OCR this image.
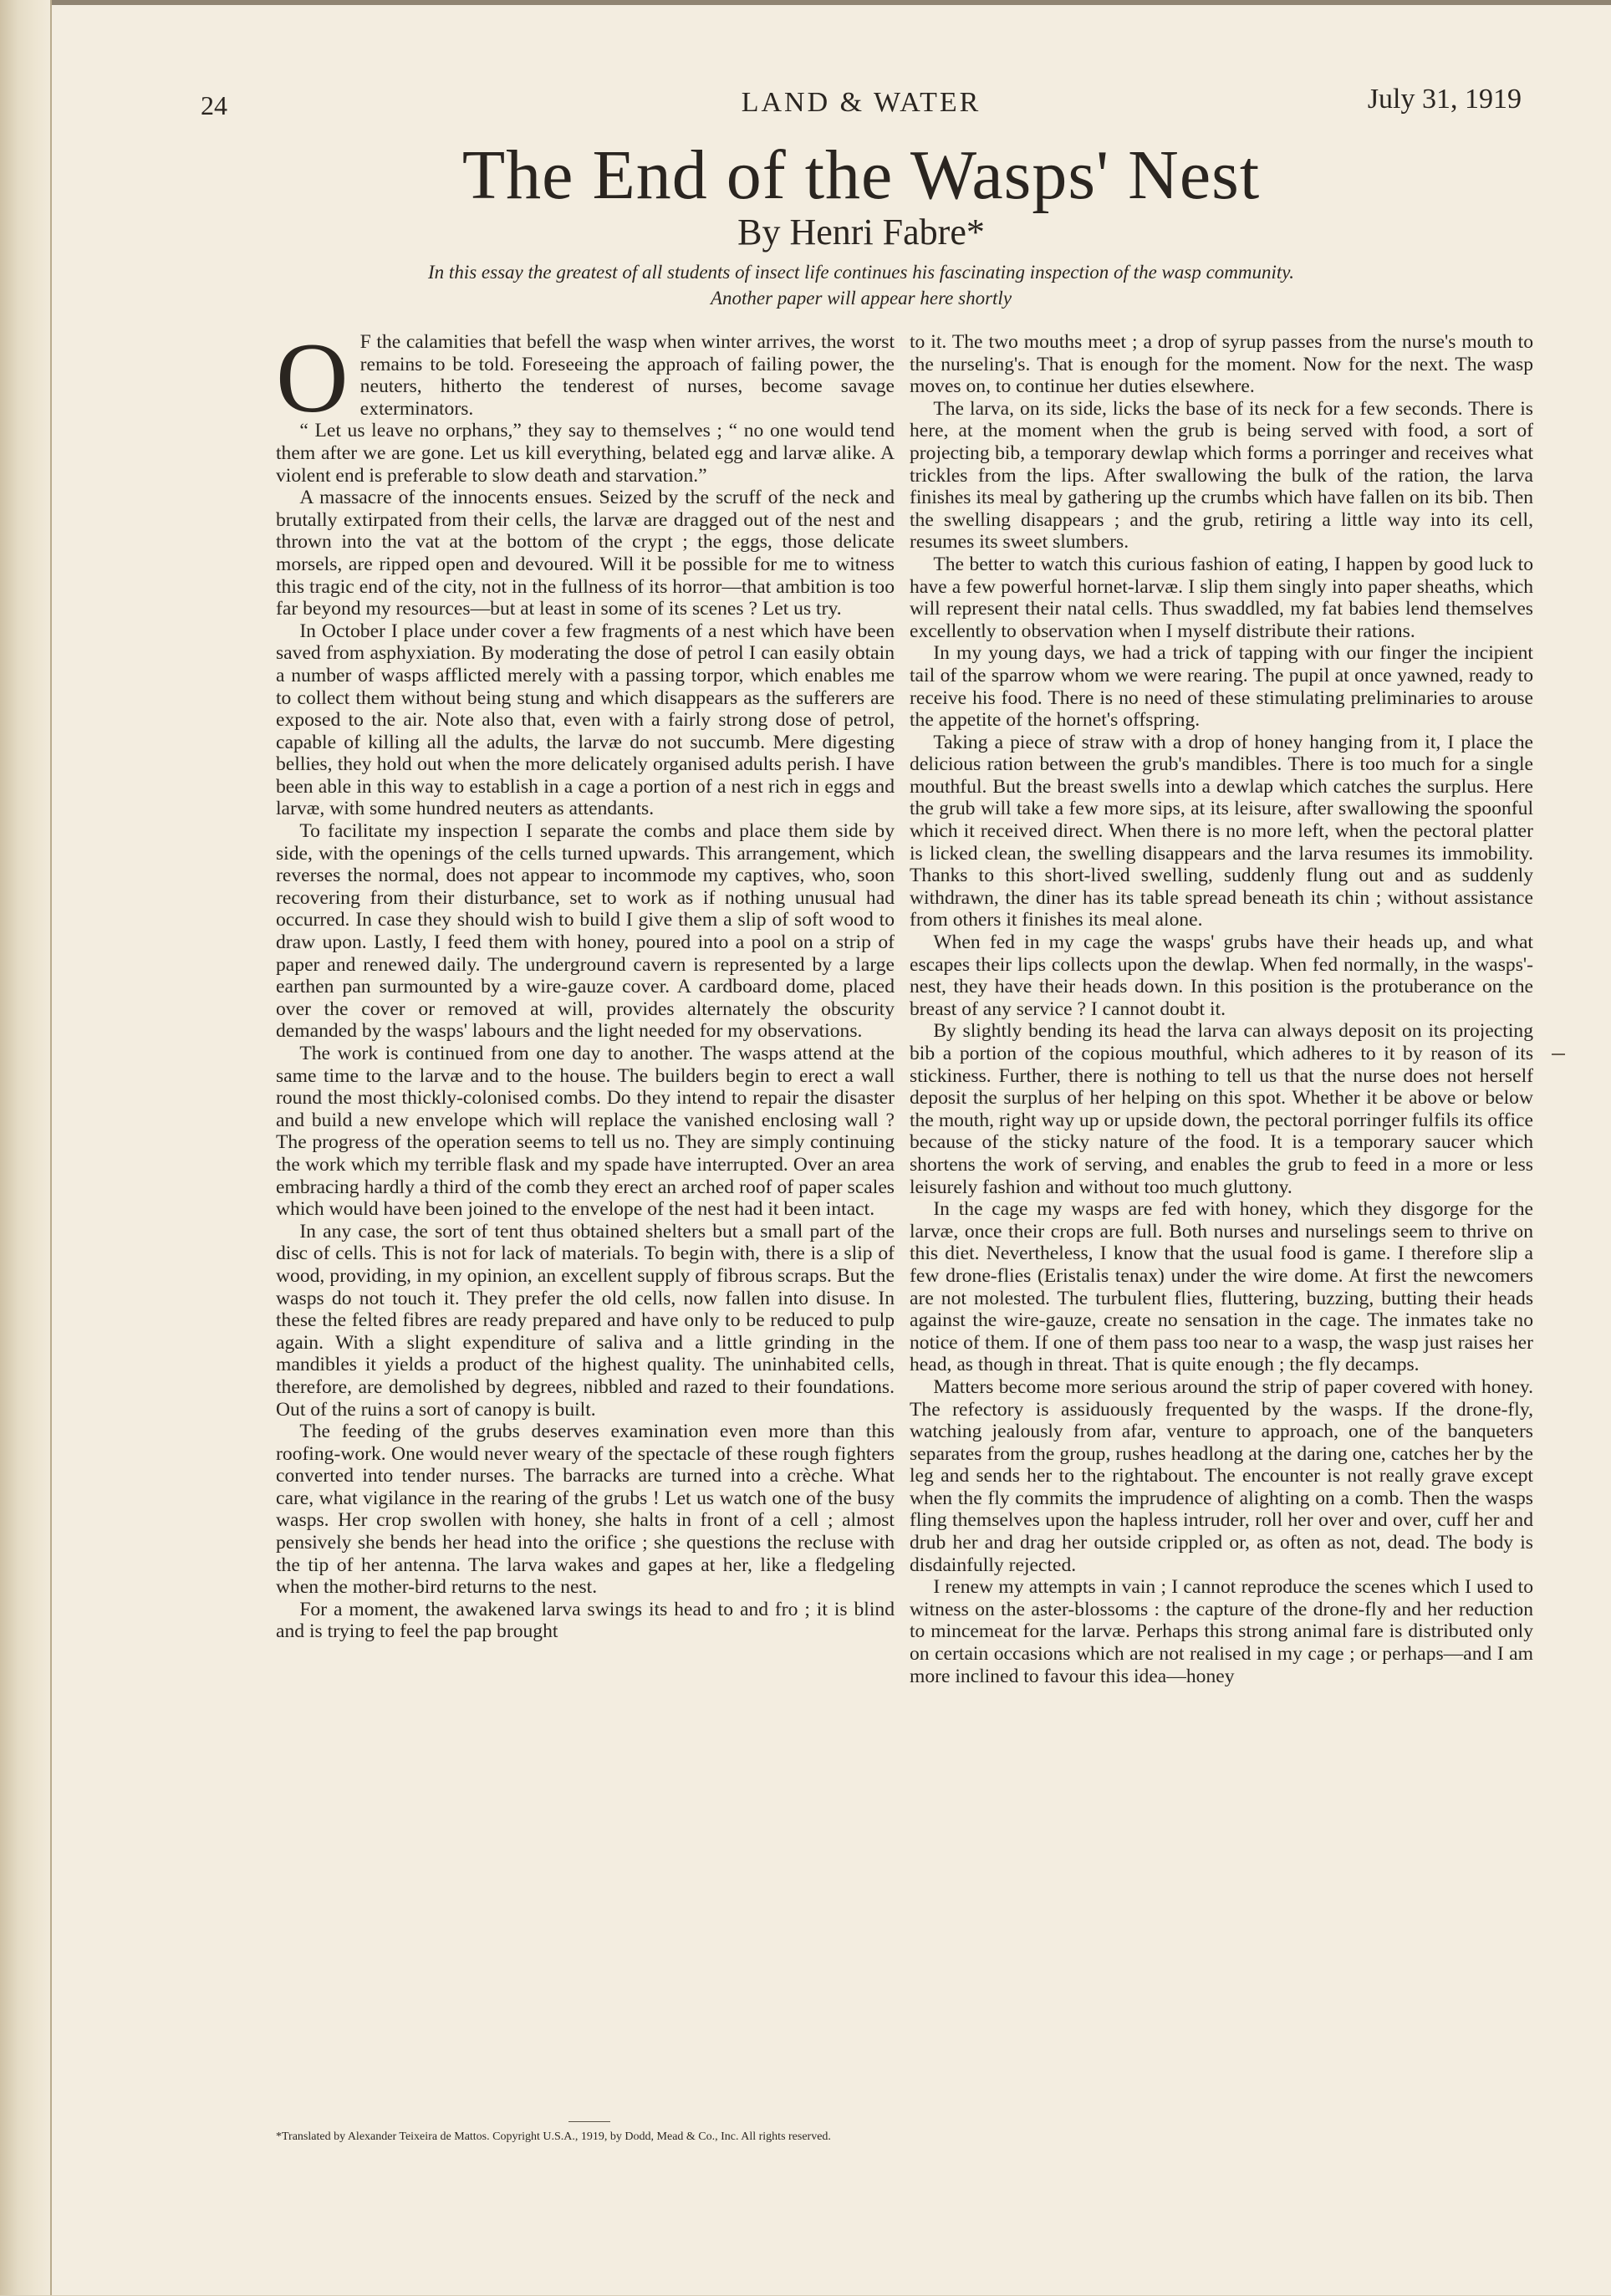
24	LAND & WATER	July 31, 1919
The End of the Wasps' Nest
By Henri Fabre*
In this essay the greatest of all students of insect life continues his fascinating inspection of the wasp community. Another paper will appear here shortly

O F the calamities that befell the wasp when winter arrives, the worst remains to be told. Foreseeing the approach of failing power, the neuters, hitherto the tenderest of nurses, become savage exterminators.

“ Let us leave no orphans,” they say to themselves ; “ no one would tend them after we are gone. Let us kill everything, belated egg and larvæ alike. A violent end is preferable to slow death and starvation.”

A massacre of the innocents ensues. Seized by the scruff of the neck and brutally extirpated from their cells, the larvæ are dragged out of the nest and thrown into the vat at the bottom of the crypt ; the eggs, those delicate morsels, are ripped open and devoured. Will it be possible for me to witness this tragic end of the city, not in the fullness of its horror—that ambition is too far beyond my resources—but at least in some of its scenes ? Let us try.

In October I place under cover a few fragments of a nest which have been saved from asphyxiation. By moderating the dose of petrol I can easily obtain a number of wasps afflicted merely with a passing torpor, which enables me to collect them without being stung and which disappears as the sufferers are exposed to the air. Note also that, even with a fairly strong dose of petrol, capable of killing all the adults, the larvæ do not succumb. Mere digesting bellies, they hold out when the more delicately organised adults perish. I have been able in this way to establish in a cage a portion of a nest rich in eggs and larvæ, with some hundred neuters as attendants.

To facilitate my inspection I separate the combs and place them side by side, with the openings of the cells turned upwards. This arrangement, which reverses the normal, does not appear to incommode my captives, who, soon recovering from their disturbance, set to work as if nothing unusual had occurred. In case they should wish to build I give them a slip of soft wood to draw upon. Lastly, I feed them with honey, poured into a pool on a strip of paper and renewed daily. The underground cavern is represented by a large earthen pan surmounted by a wire-gauze cover. A cardboard dome, placed over the cover or removed at will, provides alternately the obscurity demanded by the wasps' labours and the light needed for my observations.

The work is continued from one day to another. The wasps attend at the same time to the larvæ and to the house. The builders begin to erect a wall round the most thickly-colonised combs. Do they intend to repair the disaster and build a new envelope which will replace the vanished enclosing wall ? The progress of the operation seems to tell us no. They are simply continuing the work which my terrible flask and my spade have interrupted. Over an area embracing hardly a third of the comb they erect an arched roof of paper scales which would have been joined to the envelope of the nest had it been intact.

In any case, the sort of tent thus obtained shelters but a small part of the disc of cells. This is not for lack of materials. To begin with, there is a slip of wood, providing, in my opinion, an excellent supply of fibrous scraps. But the wasps do not touch it. They prefer the old cells, now fallen into disuse. In these the felted fibres are ready prepared and have only to be reduced to pulp again. With a slight expenditure of saliva and a little grinding in the mandibles it yields a product of the highest quality. The uninhabited cells, therefore, are demolished by degrees, nibbled and razed to their foundations. Out of the ruins a sort of canopy is built.

The feeding of the grubs deserves examination even more than this roofing-work. One would never weary of the spectacle of these rough fighters converted into tender nurses. The barracks are turned into a crèche. What care, what vigilance in the rearing of the grubs ! Let us watch one of the busy wasps. Her crop swollen with honey, she halts in front of a cell ; almost pensively she bends her head into the orifice ; she questions the recluse with the tip of her antenna. The larva wakes and gapes at her, like a fledgeling when the mother-bird returns to the nest.

For a moment, the awakened larva swings its head to and fro ; it is blind and is trying to feel the pap brought

to it. The two mouths meet ; a drop of syrup passes from the nurse's mouth to the nurseling's. That is enough for the moment. Now for the next. The wasp moves on, to continue her duties elsewhere.

The larva, on its side, licks the base of its neck for a few seconds. There is here, at the moment when the grub is being served with food, a sort of projecting bib, a temporary dewlap which forms a porringer and receives what trickles from the lips. After swallowing the bulk of the ration, the larva finishes its meal by gathering up the crumbs which have fallen on its bib. Then the swelling disappears ; and the grub, retiring a little way into its cell, resumes its sweet slumbers.

The better to watch this curious fashion of eating, I happen by good luck to have a few powerful hornet-larvæ. I slip them singly into paper sheaths, which will represent their natal cells. Thus swaddled, my fat babies lend themselves excellently to observation when I myself distribute their rations.

In my young days, we had a trick of tapping with our finger the incipient tail of the sparrow whom we were rearing. The pupil at once yawned, ready to receive his food. There is no need of these stimulating preliminaries to arouse the appetite of the hornet's offspring.

Taking a piece of straw with a drop of honey hanging from it, I place the delicious ration between the grub's mandibles. There is too much for a single mouthful. But the breast swells into a dewlap which catches the surplus. Here the grub will take a few more sips, at its leisure, after swallowing the spoonful which it received direct. When there is no more left, when the pectoral platter is licked clean, the swelling disappears and the larva resumes its immobility. Thanks to this short-lived swelling, suddenly flung out and as suddenly withdrawn, the diner has its table spread beneath its chin ; without assistance from others it finishes its meal alone.

When fed in my cage the wasps' grubs have their heads up, and what escapes their lips collects upon the dewlap. When fed normally, in the wasps'-nest, they have their heads down. In this position is the protuberance on the breast of any service ? I cannot doubt it.

By slightly bending its head the larva can always deposit on its projecting bib a portion of the copious mouthful, which adheres to it by reason of its stickiness. Further, there is nothing to tell us that the nurse does not herself deposit the surplus of her helping on this spot. Whether it be above or below the mouth, right way up or upside down, the pectoral porringer fulfils its office because of the sticky nature of the food. It is a temporary saucer which shortens the work of serving, and enables the grub to feed in a more or less leisurely fashion and without too much gluttony.

In the cage my wasps are fed with honey, which they disgorge for the larvæ, once their crops are full. Both nurses and nurselings seem to thrive on this diet. Nevertheless, I know that the usual food is game. I therefore slip a few drone-flies (Eristalis tenax) under the wire dome. At first the newcomers are not molested. The turbulent flies, fluttering, buzzing, butting their heads against the wire-gauze, create no sensation in the cage. The inmates take no notice of them. If one of them pass too near to a wasp, the wasp just raises her head, as though in threat. That is quite enough ; the fly decamps.

Matters become more serious around the strip of paper covered with honey. The refectory is assiduously frequented by the wasps. If the drone-fly, watching jealously from afar, venture to approach, one of the banqueters separates from the group, rushes headlong at the daring one, catches her by the leg and sends her to the rightabout. The encounter is not really grave except when the fly commits the imprudence of alighting on a comb. Then the wasps fling themselves upon the hapless intruder, roll her over and over, cuff her and drub her and drag her outside crippled or, as often as not, dead. The body is disdainfully rejected.

I renew my attempts in vain ; I cannot reproduce the scenes which I used to witness on the aster-blossoms : the capture of the drone-fly and her reduction to mincemeat for the larvæ. Perhaps this strong animal fare is distributed only on certain occasions which are not realised in my cage ; or perhaps—and I am more inclined to favour this idea—honey

*Translated by Alexander Teixeira de Mattos. Copyright U.S.A., 1919, by Dodd, Mead & Co., Inc. All rights reserved.
